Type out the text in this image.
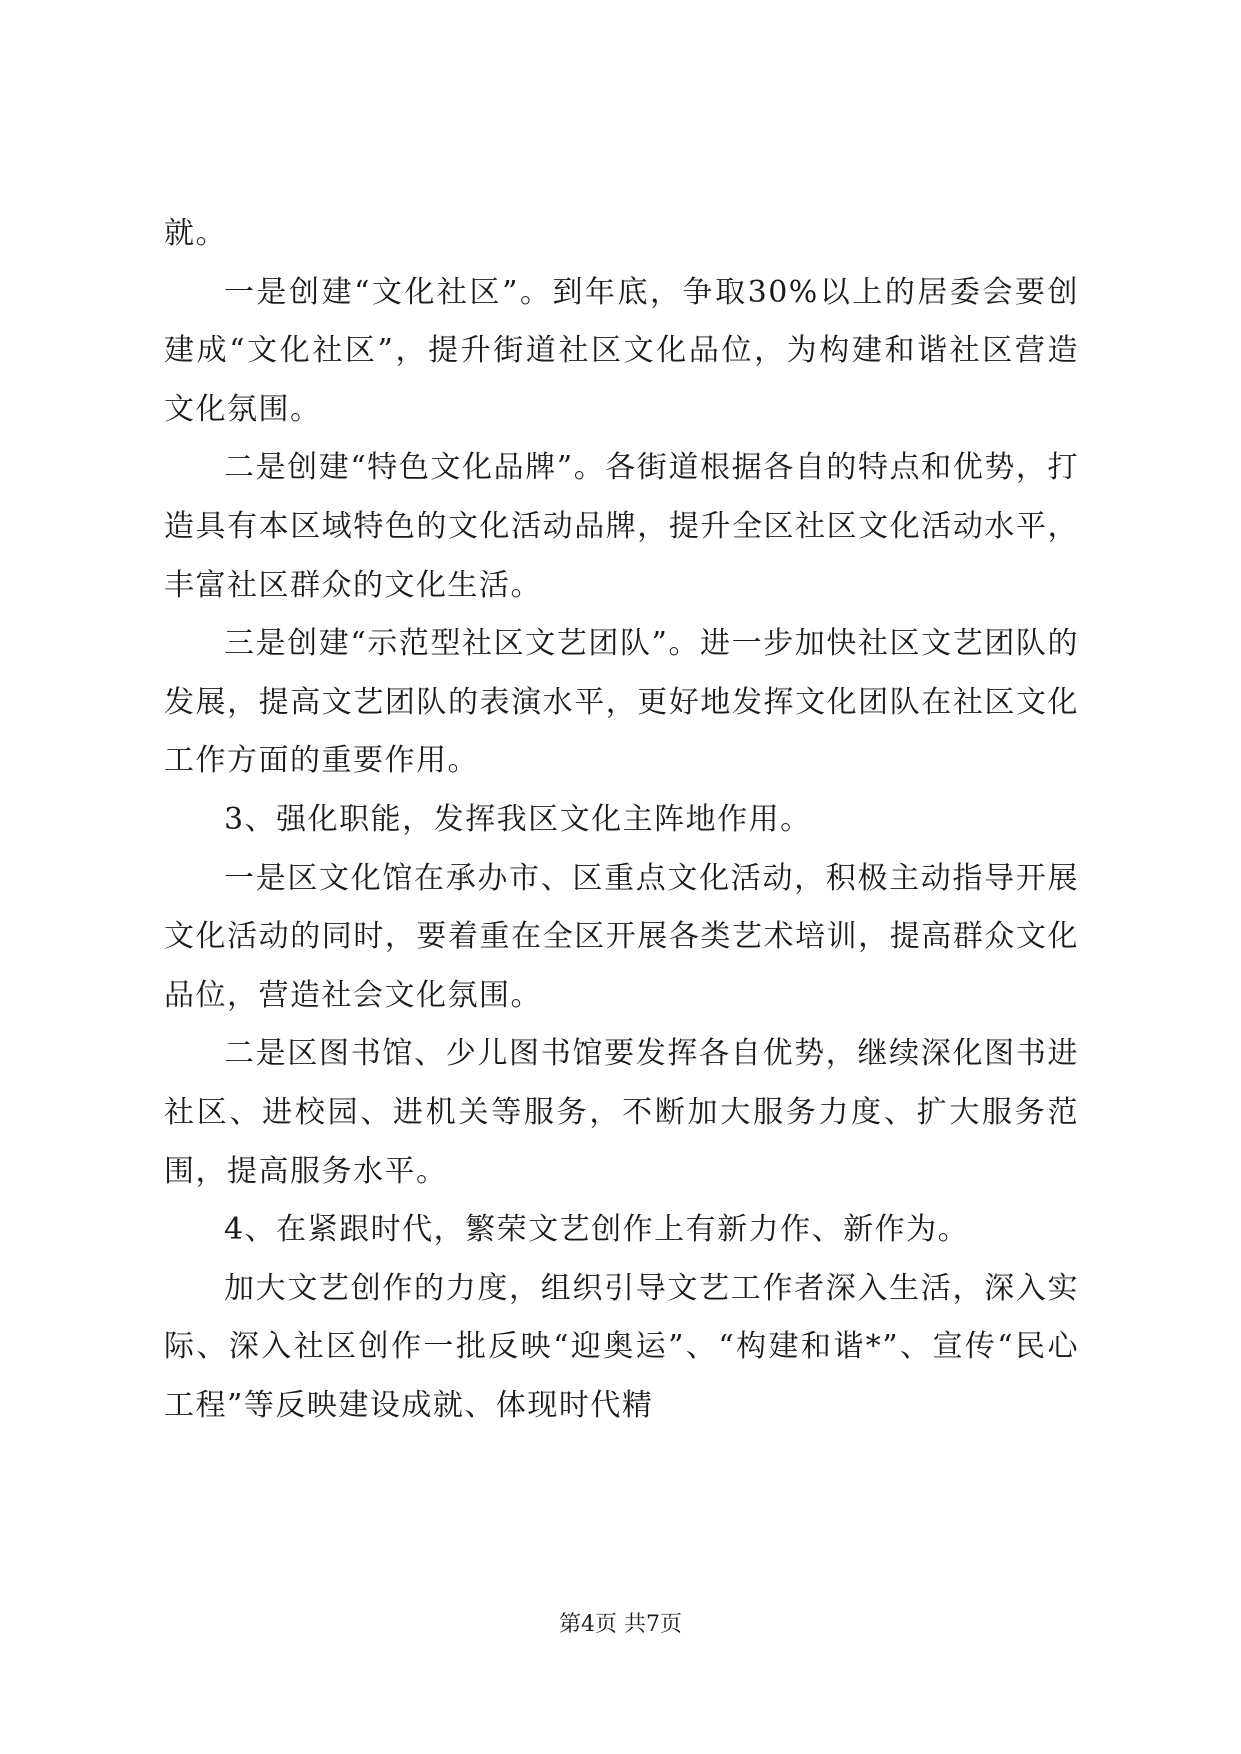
就。

一是创建“文化社区”。到年底，争取30%以上的居委会要创建成“文化社区”，提升街道社区文化品位，为构建和谐社区营造文化氛围。

二是创建“特色文化品牌”。各街道根据各自的特点和优势，打造具有本区域特色的文化活动品牌，提升全区社区文化活动水平，丰富社区群众的文化生活。

三是创建“示范型社区文艺团队”。进一步加快社区文艺团队的发展，提高文艺团队的表演水平，更好地发挥文化团队在社区文化工作方面的重要作用。

3、强化职能，发挥我区文化主阵地作用。

一是区文化馆在承办市、区重点文化活动，积极主动指导开展文化活动的同时，要着重在全区开展各类艺术培训，提高群众文化品位，营造社会文化氛围。

二是区图书馆、少儿图书馆要发挥各自优势，继续深化图书进社区、进校园、进机关等服务，不断加大服务力度、扩大服务范围，提高服务水平。

4、在紧跟时代，繁荣文艺创作上有新力作、新作为。

加大文艺创作的力度，组织引导文艺工作者深入生活，深入实际、深入社区创作一批反映“迎奥运”、“构建和谐*”、宣传“民心工程”等反映建设成就、体现时代精

第4页 共7页
